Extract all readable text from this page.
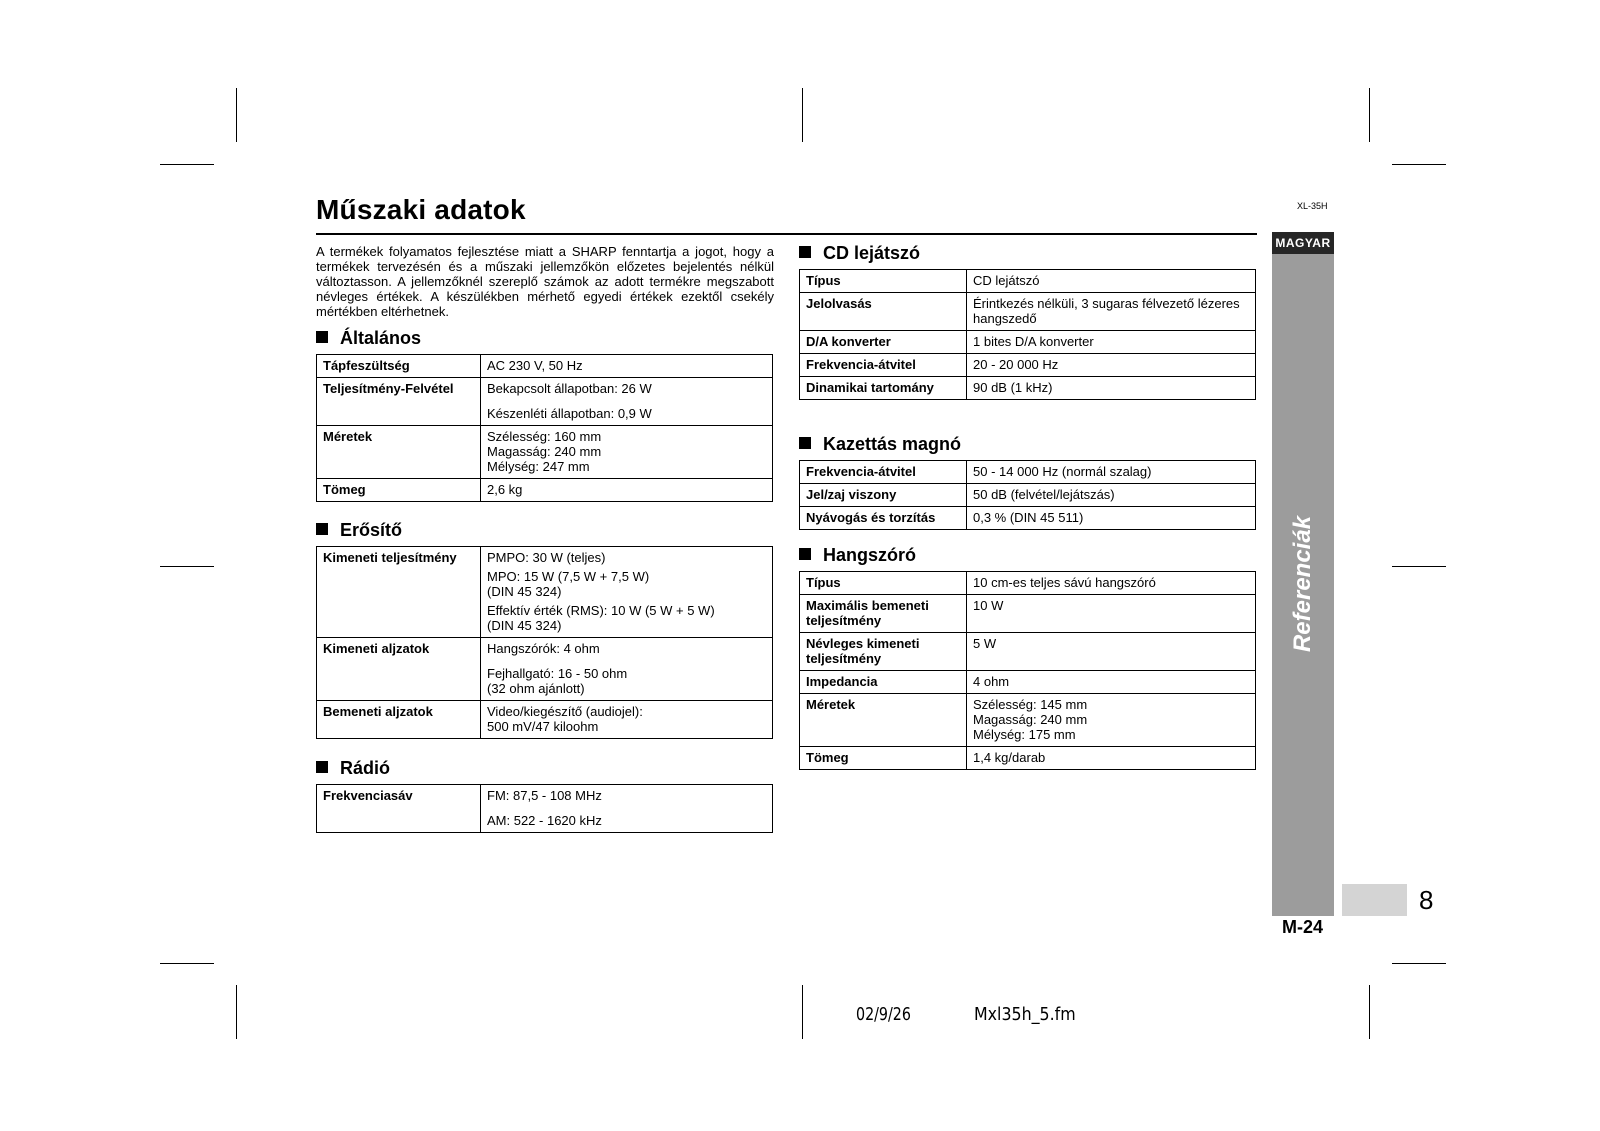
Műszaki adatok	XL-35H

A termékek folyamatos fejlesztése miatt a SHARP fenntartja a jogot, hogy a termékek tervezésén és a műszaki jellemzőkön előzetes bejelentés nélkül változtasson. A jellemzőknél szereplő számok az adott termékre megszabott névleges értékek. A készülékben mérhető egyedi értékek ezektől csekély mértékben eltérhetnek.

Általános
Tápfeszültség	AC 230 V, 50 Hz

Teljesítmény-Felvétel	Bekapcsolt állapotban: 26 W

Készenléti állapotban: 0,9 W

Méretek	Szélesség: 160 mm

Magasság: 240 mm

Mélység: 247 mm

Tömeg	2,6 kg

Erősítő
Kimeneti teljesítmény	PMPO: 30 W (teljes)

MPO: 15 W (7,5 W + 7,5 W)

(DIN 45 324)

Effektív érték (RMS): 10 W (5 W + 5 W)

(DIN 45 324)

Kimeneti aljzatok	Hangszórók: 4 ohm

Fejhallgató: 16 - 50 ohm

(32 ohm ajánlott)

Bemeneti aljzatok	Video/kiegészítő (audiojel):

500 mV/47 kiloohm

Rádió
Frekvenciasáv	FM: 87,5 - 108 MHz

AM: 522 - 1620 kHz

CD lejátszó
Típus	CD lejátszó

Jelolvasás	Érintkezés nélküli, 3 sugaras félvezető lézeres hangszedő

D/A konverter	1 bites D/A konverter

Frekvencia-átvitel	20 - 20 000 Hz

Dinamikai tartomány	90 dB (1 kHz)

Kazettás magnó
Frekvencia-átvitel	50 - 14 000 Hz (normál szalag)

Jel/zaj viszony	50 dB (felvétel/lejátszás)

Nyávogás és torzítás	0,3 % (DIN 45 511)

Hangszóró
Típus	10 cm-es teljes sávú hangszóró

Maximális bemeneti teljesítmény	10 W

Névleges kimeneti teljesítmény	5 W

Impedancia	4 ohm

Méretek	Szélesség: 145 mm

Magasság: 240 mm

Mélység: 175 mm

Tömeg	1,4 kg/darab

MAGYAR
Referenciák
8
M-24
02/9/26	Mxl35h_5.fm
